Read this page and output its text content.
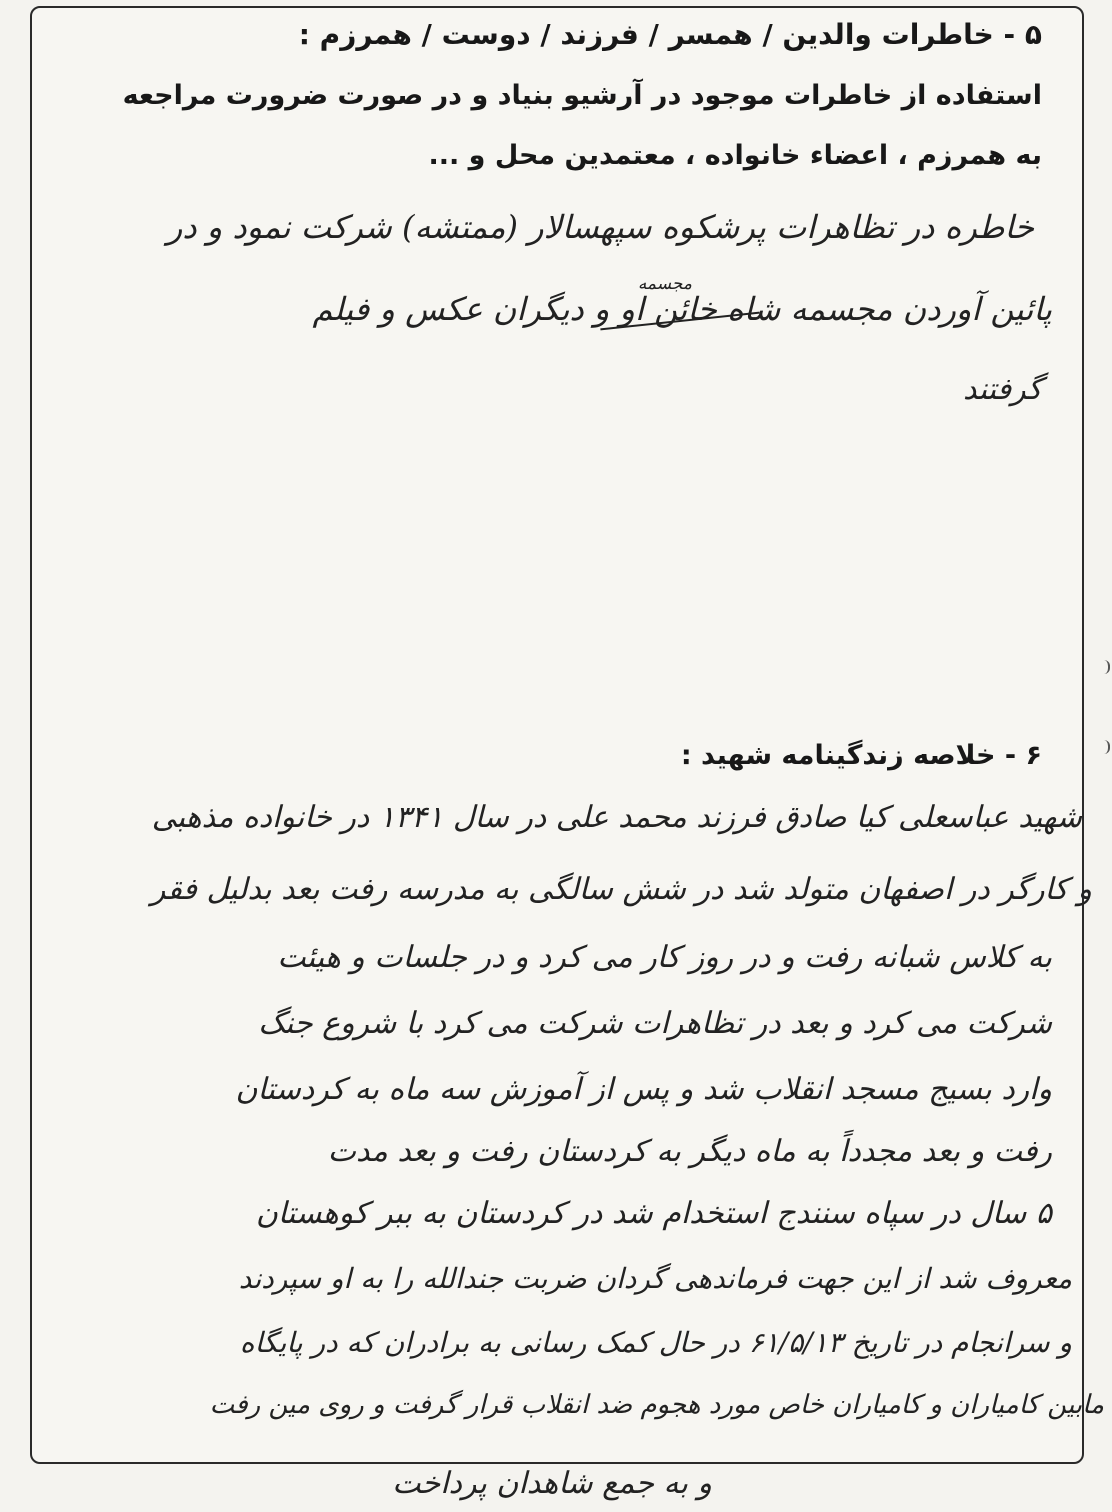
۵ - خاطرات والدین / همسر / فرزند / دوست / همرزم :
استفاده از خاطرات موجود در آرشیو بنیاد و در صورت ضرورت مراجعه
به همرزم ، اعضاء خانواده ، معتمدین محل و ...
خاطره در تظاهرات پرشکوه سپهسالار (ممتشه) شرکت نمود و در
مجسمه
پائین آوردن مجسمه شاه خائن او و دیگران عکس و فیلم
گرفتند
۶ - خلاصه زندگینامه شهید :
شهید عباسعلی کیا صادق فرزند محمد علی در سال ۱۳۴۱ در خانواده مذهبی
و کارگر در اصفهان متولد شد در شش سالگی به مدرسه رفت بعد بدلیل فقر
به کلاس شبانه رفت و در روز کار می کرد و در جلسات و هیئت
شرکت می کرد و بعد در تظاهرات شرکت می کرد با شروع جنگ
وارد بسیج مسجد انقلاب شد و پس از آموزش سه ماه به کردستان
رفت و بعد مجدداً به ماه دیگر به کردستان رفت و بعد مدت
۵ سال در سپاه سنندج استخدام شد در کردستان به ببر کوهستان
معروف شد از این جهت فرماندهی گردان ضربت جندالله را به او سپردند
و سرانجام در تاریخ ۶۱/۵/۱۳ در حال کمک رسانی به برادران که در پایگاه
مابین کامیاران و کامیاران خاص مورد هجوم ضد انقلاب قرار گرفت و روی مین رفت
و به جمع شاهدان پرداخت
